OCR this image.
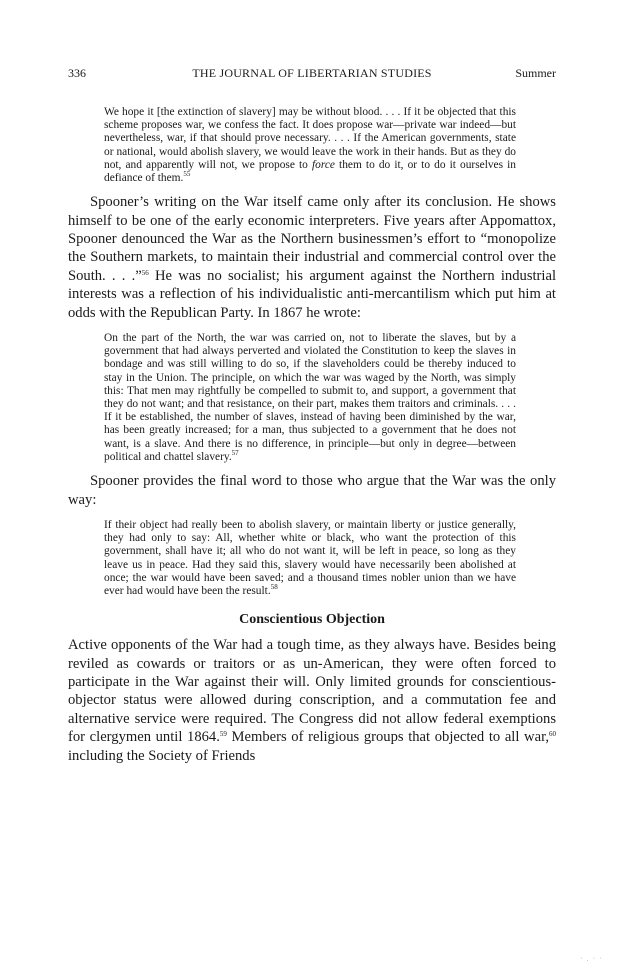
336	THE JOURNAL OF LIBERTARIAN STUDIES	Summer
We hope it [the extinction of slavery] may be without blood. . . . If it be objected that this scheme proposes war, we confess the fact. It does propose war—private war indeed—but nevertheless, war, if that should prove necessary. . . . If the American governments, state or national, would abolish slavery, we would leave the work in their hands. But as they do not, and apparently will not, we propose to force them to do it, or to do it ourselves in defiance of them.$^{55}$

Spooner’s writing on the War itself came only after its conclusion. He shows himself to be one of the early economic interpreters. Five years after Appomattox, Spooner denounced the War as the Northern businessmen’s effort to “monopolize the Southern markets, to maintain their industrial and commercial control over the South. . . .”$^{56}$ He was no socialist; his argument against the Northern industrial interests was a reflection of his individualistic anti-mercantilism which put him at odds with the Republican Party. In 1867 he wrote:

On the part of the North, the war was carried on, not to liberate the slaves, but by a government that had always perverted and violated the Constitution to keep the slaves in bondage and was still willing to do so, if the slaveholders could be thereby induced to stay in the Union. The principle, on which the war was waged by the North, was simply this: That men may rightfully be compelled to submit to, and support, a government that they do not want; and that resistance, on their part, makes them traitors and criminals. . . . If it be established, the number of slaves, instead of having been diminished by the war, has been greatly increased; for a man, thus subjected to a government that he does not want, is a slave. And there is no difference, in principle—but only in degree—between political and chattel slavery.$^{57}$

Spooner provides the final word to those who argue that the War was the only way:

If their object had really been to abolish slavery, or maintain liberty or justice generally, they had only to say: All, whether white or black, who want the protection of this government, shall have it; all who do not want it, will be left in peace, so long as they leave us in peace. Had they said this, slavery would have necessarily been abolished at once; the war would have been saved; and a thousand times nobler union than we have ever had would have been the result.$^{58}$
Conscientious Objection

Active opponents of the War had a tough time, as they always have. Besides being reviled as cowards or traitors or as un-American, they were often forced to participate in the War against their will. Only limited grounds for conscientious-objector status were allowed during conscription, and a commutation fee and alternative service were required. The Congress did not allow federal exemptions for clergymen until 1864.59 Members of religious groups that objected to all war,$^{60}$ including the Society of Friends

· . · ·
